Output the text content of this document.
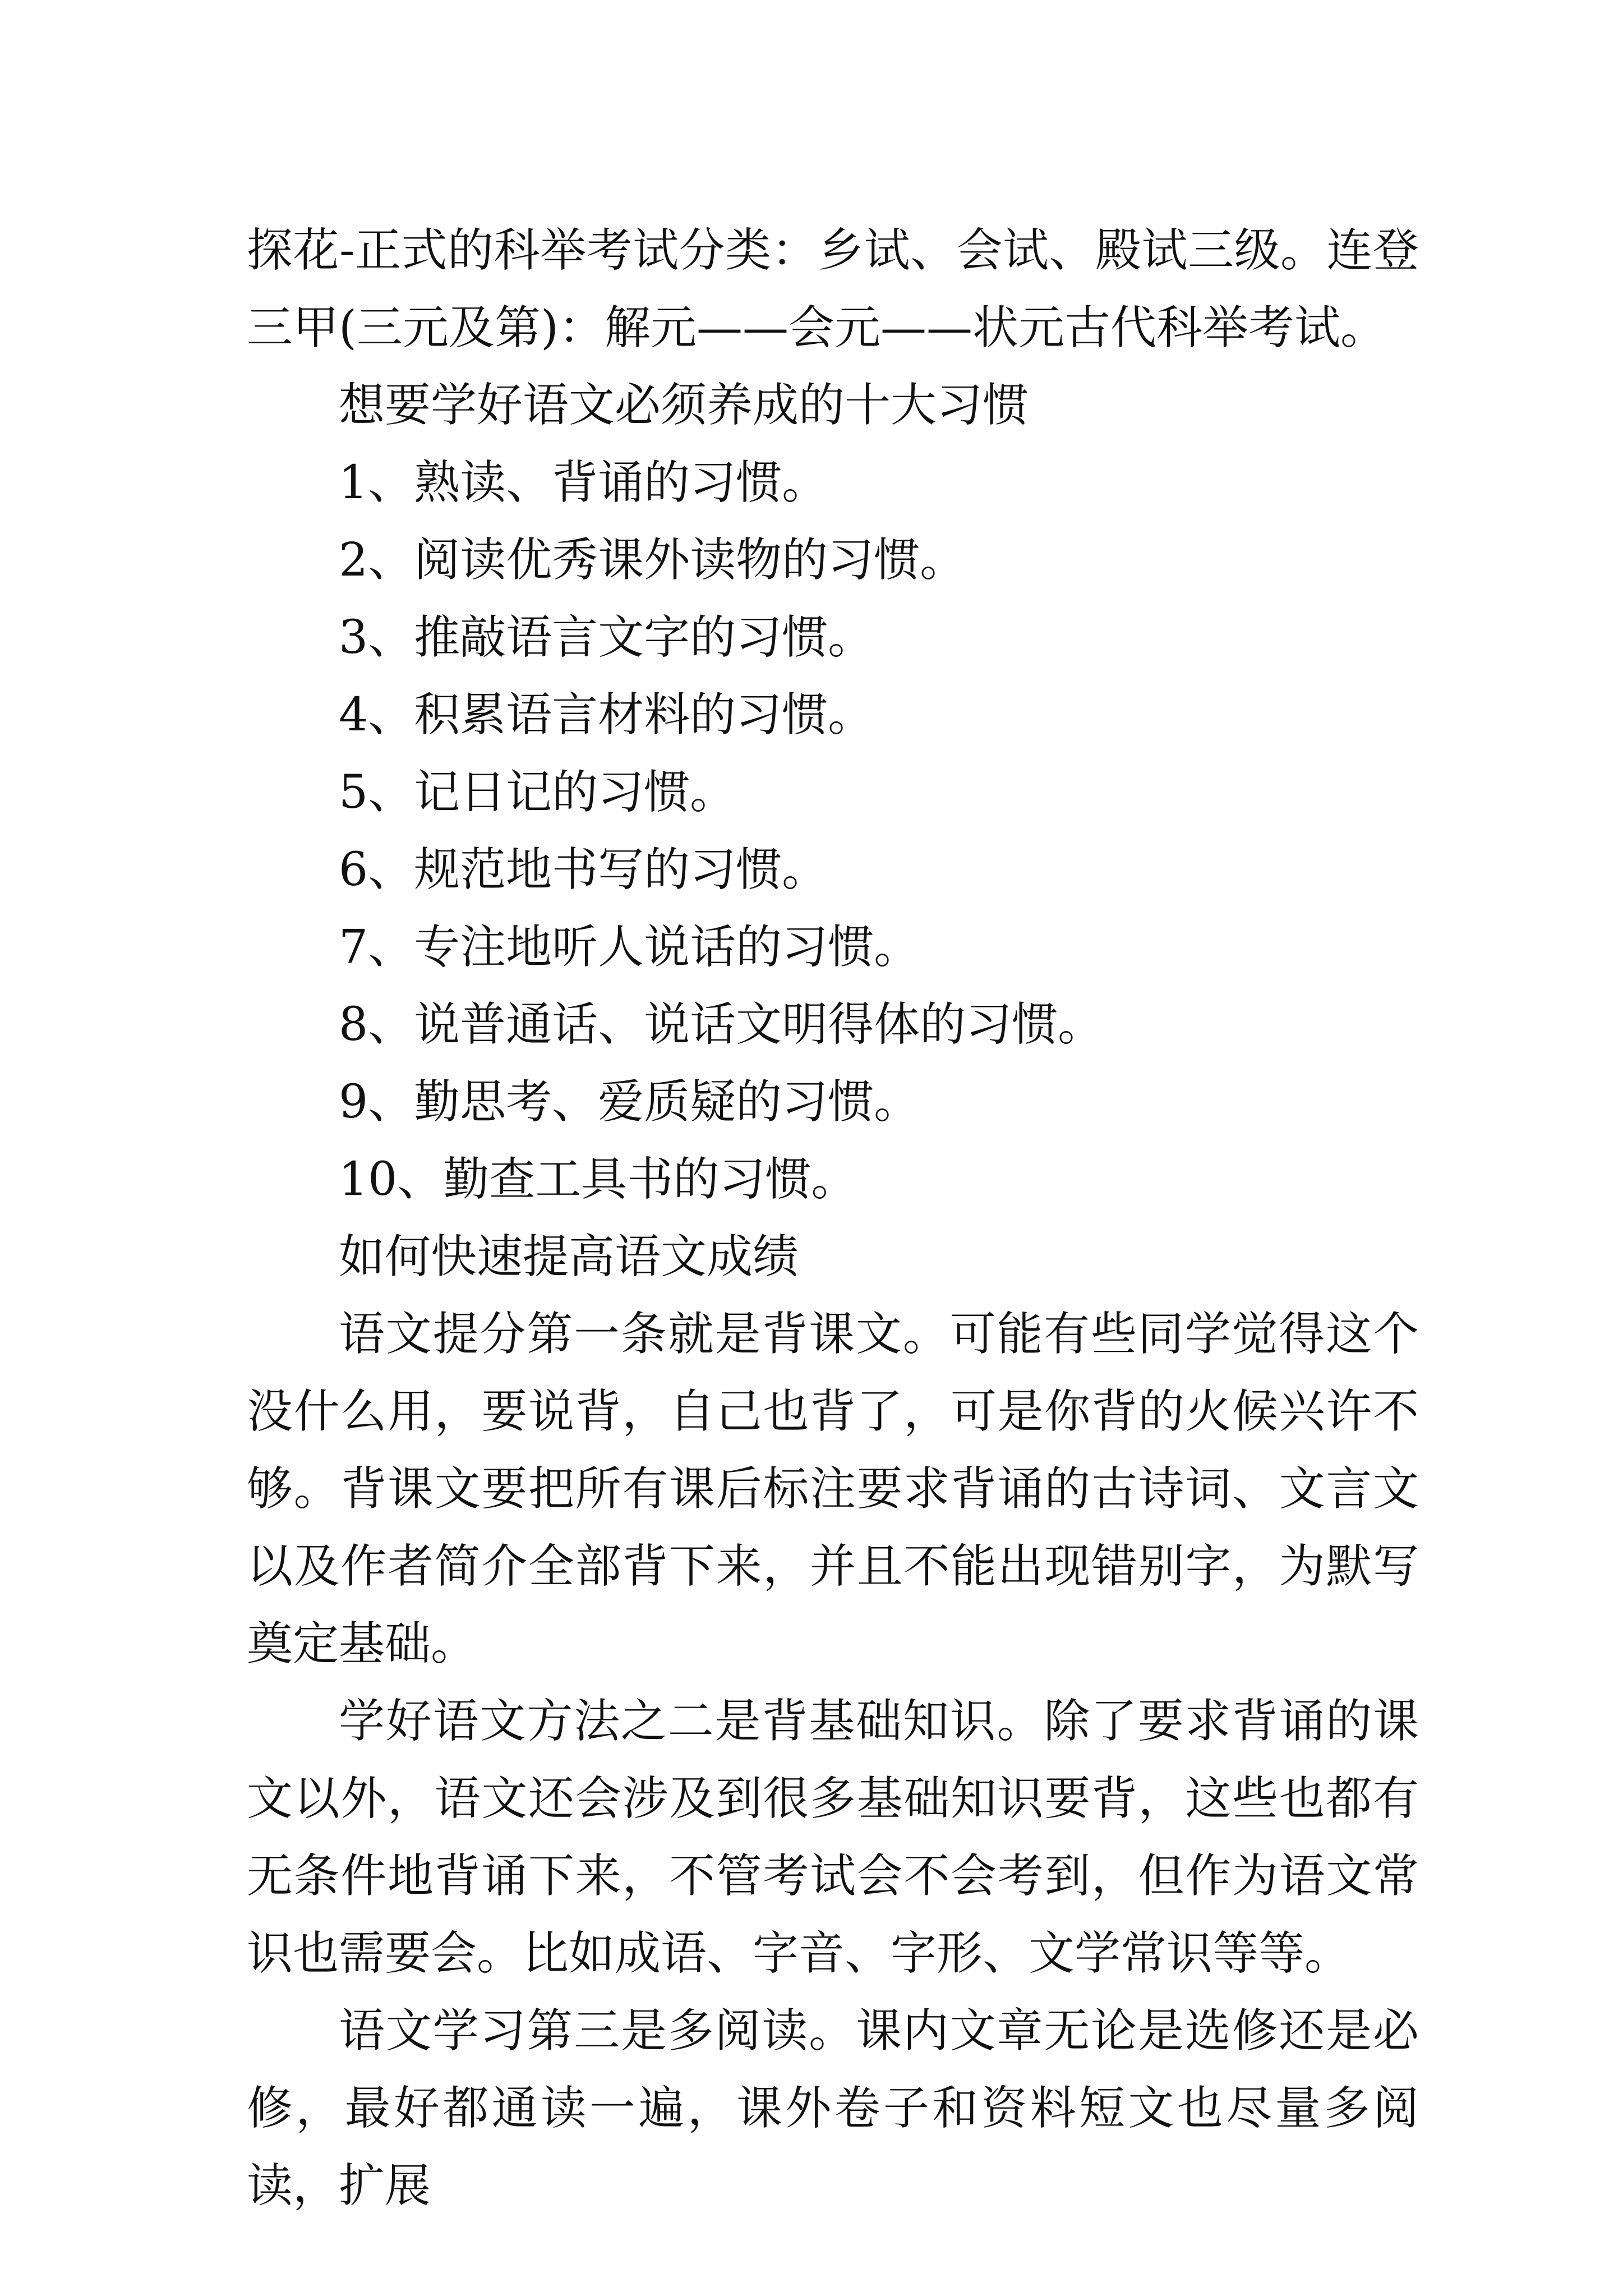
探花-正式的科举考试分类：乡试、会试、殿试三级。连登三甲(三元及第)：解元——会元——状元古代科举考试。

想要学好语文必须养成的十大习惯

1、熟读、背诵的习惯。

2、阅读优秀课外读物的习惯。

3、推敲语言文字的习惯。

4、积累语言材料的习惯。

5、记日记的习惯。

6、规范地书写的习惯。

7、专注地听人说话的习惯。

8、说普通话、说话文明得体的习惯。

9、勤思考、爱质疑的习惯。

10、勤查工具书的习惯。

如何快速提高语文成绩

语文提分第一条就是背课文。可能有些同学觉得这个没什么用，要说背，自己也背了，可是你背的火候兴许不够。背课文要把所有课后标注要求背诵的古诗词、文言文以及作者简介全部背下来，并且不能出现错别字，为默写奠定基础。

学好语文方法之二是背基础知识。除了要求背诵的课文以外，语文还会涉及到很多基础知识要背，这些也都有无条件地背诵下来，不管考试会不会考到，但作为语文常识也需要会。比如成语、字音、字形、文学常识等等。

语文学习第三是多阅读。课内文章无论是选修还是必修，最好都通读一遍，课外卷子和资料短文也尽量多阅读，扩展
